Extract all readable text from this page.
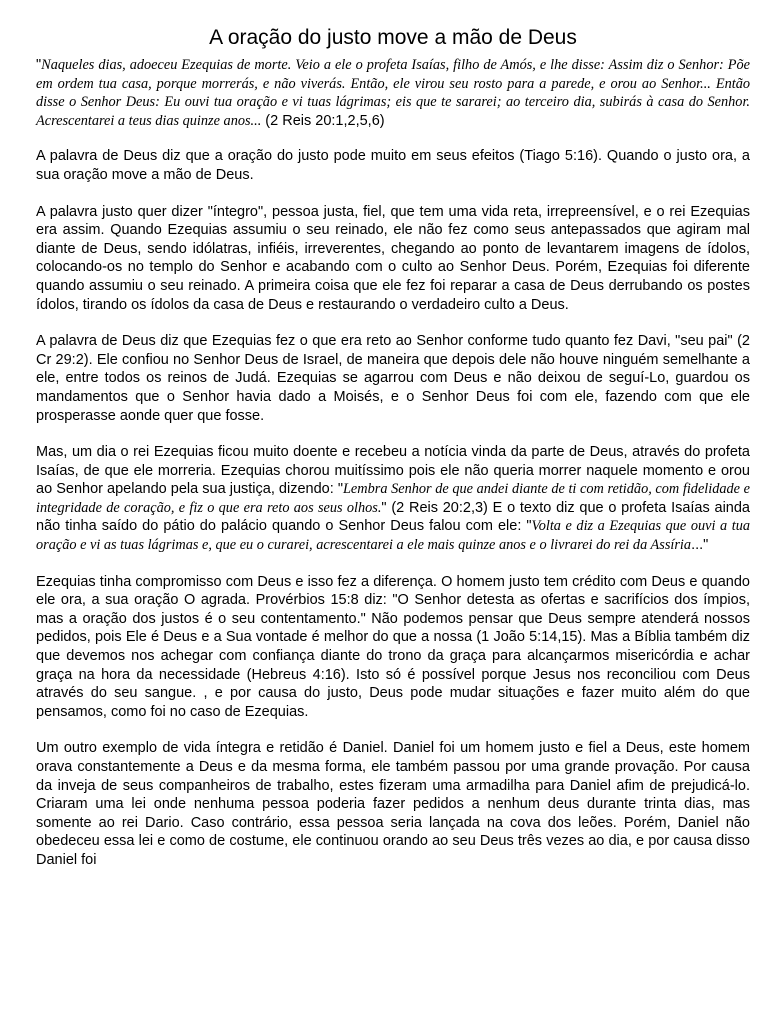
A oração do justo move a mão de Deus

"Naqueles dias, adoeceu Ezequias de morte. Veio a ele o profeta Isaías, filho de Amós, e lhe disse: Assim diz o Senhor: Põe em ordem tua casa, porque morrerás, e não viverás. Então, ele virou seu rosto para a parede, e orou ao Senhor... Então disse o Senhor Deus: Eu ouvi tua oração e vi tuas lágrimas; eis que te sararei; ao terceiro dia, subirás à casa do Senhor. Acrescentarei a teus dias quinze anos... (2 Reis 20:1,2,5,6)

A palavra de Deus diz que a oração do justo pode muito em seus efeitos (Tiago 5:16). Quando o justo ora, a sua oração move a mão de Deus.

A palavra justo quer dizer "íntegro", pessoa justa, fiel, que tem uma vida reta, irrepreensível, e o rei Ezequias era assim. Quando Ezequias assumiu o seu reinado, ele não fez como seus antepassados que agiram mal diante de Deus, sendo idólatras, infiéis, irreverentes, chegando ao ponto de levantarem imagens de ídolos, colocando-os no templo do Senhor e acabando com o culto ao Senhor Deus. Porém, Ezequias foi diferente quando assumiu o seu reinado. A primeira coisa que ele fez foi reparar a casa de Deus derrubando os postes ídolos, tirando os ídolos da casa de Deus e restaurando o verdadeiro culto a Deus.

A palavra de Deus diz que Ezequias fez o que era reto ao Senhor conforme tudo quanto fez Davi, "seu pai" (2 Cr 29:2). Ele confiou no Senhor Deus de Israel, de maneira que depois dele não houve ninguém semelhante a ele, entre todos os reinos de Judá. Ezequias se agarrou com Deus e não deixou de seguí-Lo, guardou os mandamentos que o Senhor havia dado a Moisés, e o Senhor Deus foi com ele, fazendo com que ele prosperasse aonde quer que fosse.

Mas, um dia o rei Ezequias ficou muito doente e recebeu a notícia vinda da parte de Deus, através do profeta Isaías, de que ele morreria. Ezequias chorou muitíssimo pois ele não queria morrer naquele momento e orou ao Senhor apelando pela sua justiça, dizendo: "Lembra Senhor de que andei diante de ti com retidão, com fidelidade e integridade de coração, e fiz o que era reto aos seus olhos." (2 Reis 20:2,3) E o texto diz que o profeta Isaías ainda não tinha saído do pátio do palácio quando o Senhor Deus falou com ele: "Volta e diz a Ezequias que ouvi a tua oração e vi as tuas lágrimas e, que eu o curarei, acrescentarei a ele mais quinze anos e o livrarei do rei da Assíria..."

Ezequias tinha compromisso com Deus e isso fez a diferença. O homem justo tem crédito com Deus e quando ele ora, a sua oração O agrada. Provérbios 15:8 diz: "O Senhor detesta as ofertas e sacrifícios dos ímpios, mas a oração dos justos é o seu contentamento." Não podemos pensar que Deus sempre atenderá nossos pedidos, pois Ele é Deus e a Sua vontade é melhor do que a nossa (1 João 5:14,15). Mas a Bíblia também diz que devemos nos achegar com confiança diante do trono da graça para alcançarmos misericórdia e achar graça na hora da necessidade (Hebreus 4:16). Isto só é possível porque Jesus nos reconciliou com Deus através do seu sangue. , e por causa do justo, Deus pode mudar situações e fazer muito além do que pensamos, como foi no caso de Ezequias.

Um outro exemplo de vida íntegra e retidão é Daniel. Daniel foi um homem justo e fiel a Deus, este homem orava constantemente a Deus e da mesma forma, ele também passou por uma grande provação. Por causa da inveja de seus companheiros de trabalho, estes fizeram uma armadilha para Daniel afim de prejudicá-lo. Criaram uma lei onde nenhuma pessoa poderia fazer pedidos a nenhum deus durante trinta dias, mas somente ao rei Dario. Caso contrário, essa pessoa seria lançada na cova dos leões. Porém, Daniel não obedeceu essa lei e como de costume, ele continuou orando ao seu Deus três vezes ao dia, e por causa disso Daniel foi
